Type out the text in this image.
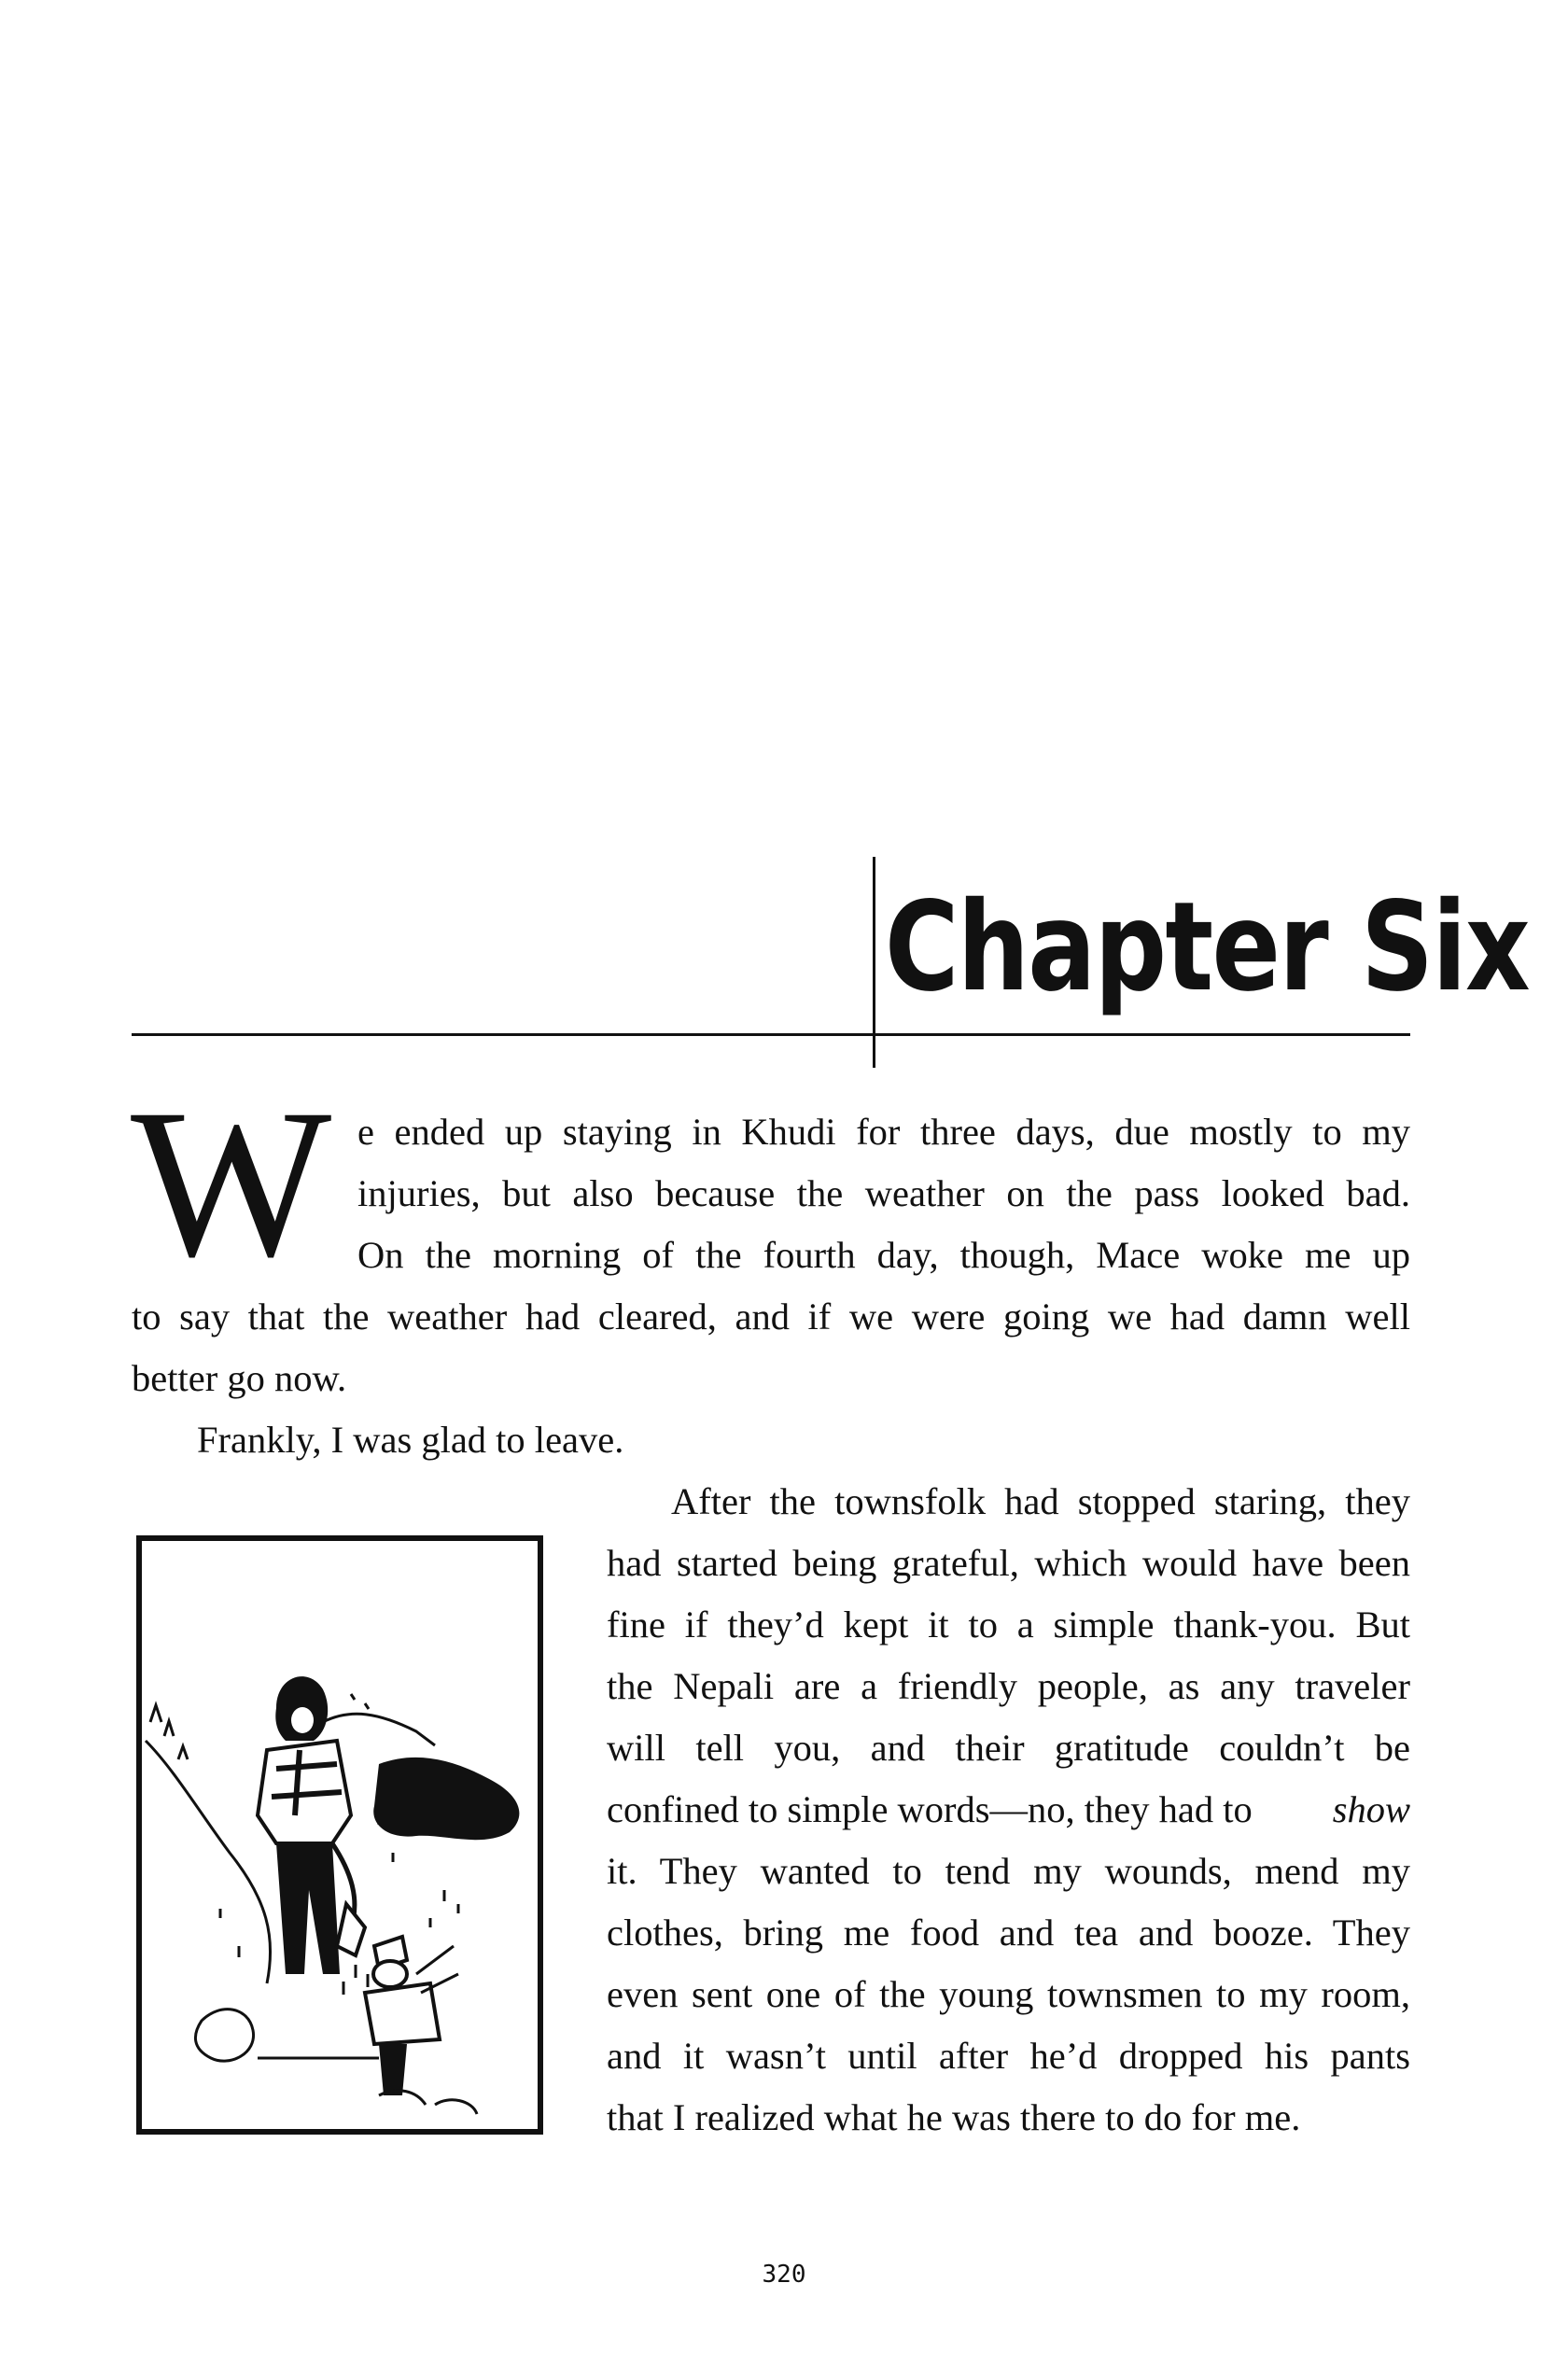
Chapter Six
W e ended up staying in Khudi for three days, due mostly to my
injuries, but also because the weather on the pass looked bad.
On the morning of the fourth day, though, Mace woke me up
to say that the weather had cleared, and if we were going we had damn well
better go now.
Frankly, I was glad to leave.
After the townsfolk had stopped staring, they
had started being grateful, which would have been
fine if they’d kept it to a simple thank-you. But
the Nepali are a friendly people, as any traveler
will tell you, and their gratitude couldn’t be
confined to simple words—no, they had to show
it. They wanted to tend my wounds, mend my
clothes, bring me food and tea and booze. They
even sent one of the young townsmen to my room,
and it wasn’t until after he’d dropped his pants
that I realized what he was there to do for me.
320
